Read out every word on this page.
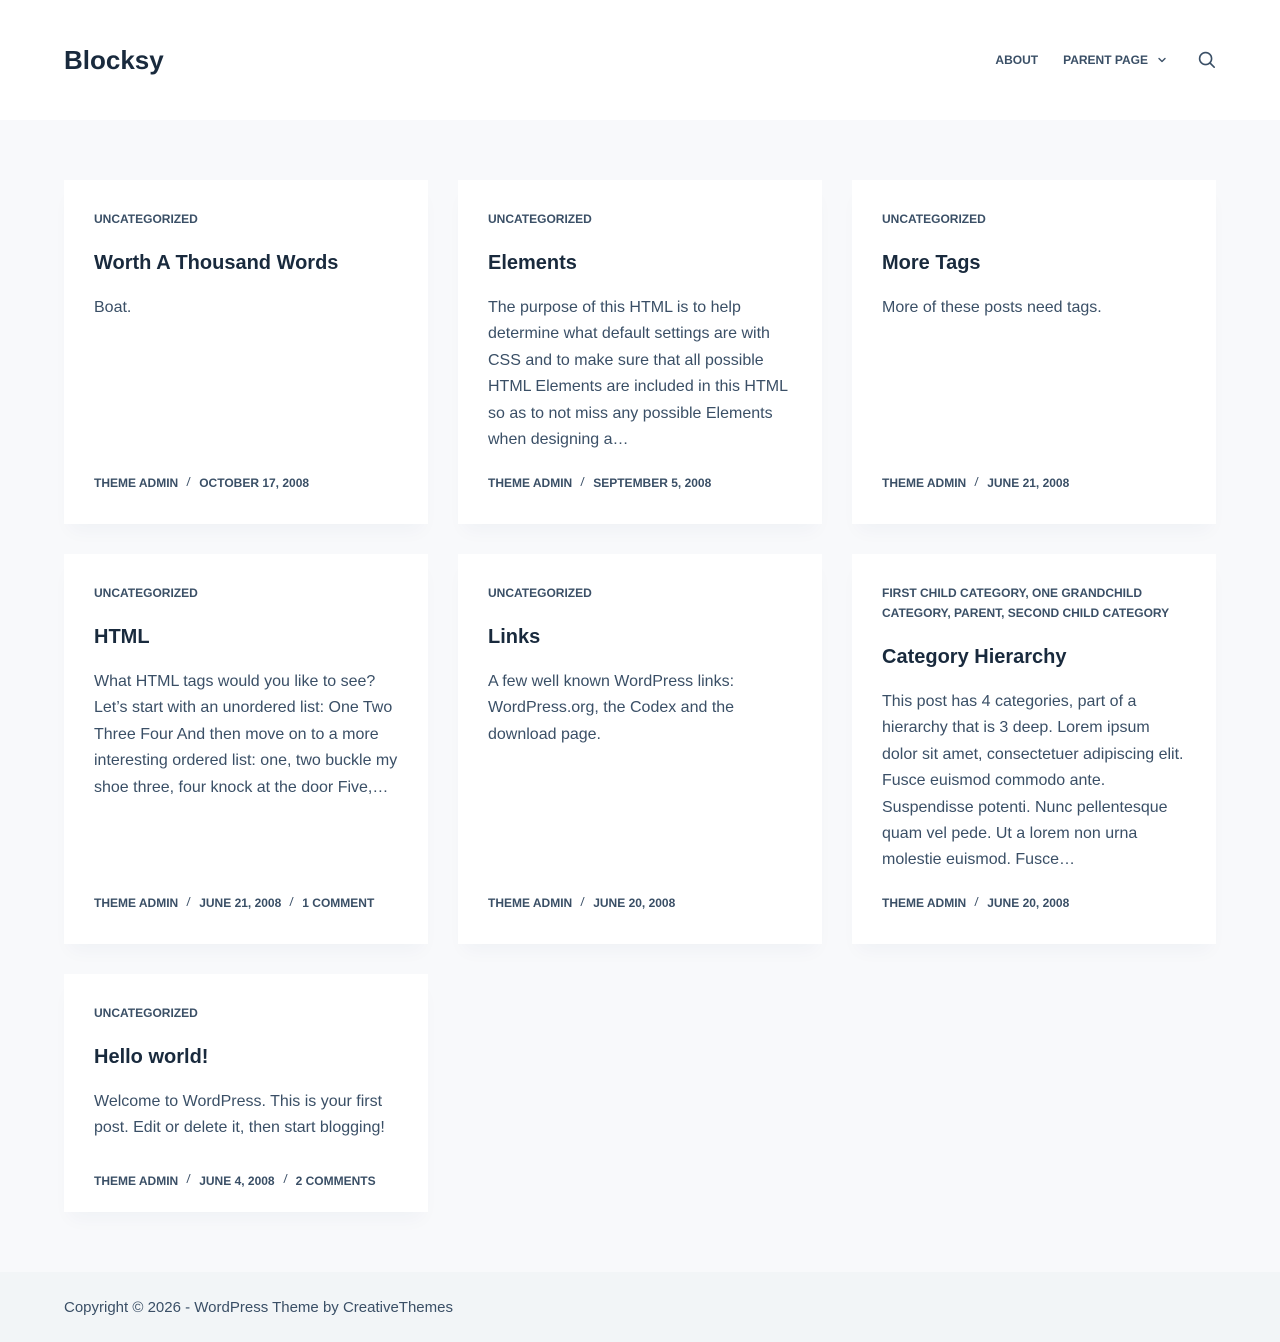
Blocksy	ABOUT PARENT PAGE
UNCATEGORIZED
Worth A Thousand Words

Boat.

THEME ADMIN OCTOBER 17, 2008
UNCATEGORIZED
Elements

The purpose of this HTML is to help determine what default settings are with CSS and to make sure that all possible HTML Elements are included in this HTML so as to not miss any possible Elements when designing a…

THEME ADMIN SEPTEMBER 5, 2008
UNCATEGORIZED
More Tags

More of these posts need tags.

THEME ADMIN JUNE 21, 2008
UNCATEGORIZED
HTML

What HTML tags would you like to see? Let’s start with an unordered list: One Two Three Four And then move on to a more interesting ordered list: one, two buckle my shoe three, four knock at the door Five,…

THEME ADMIN JUNE 21, 2008 1 COMMENT
UNCATEGORIZED
Links

A few well known WordPress links: WordPress.org, the Codex and the download page.

THEME ADMIN JUNE 20, 2008
FIRST CHILD CATEGORY, ONE GRANDCHILD CATEGORY, PARENT, SECOND CHILD CATEGORY
Category Hierarchy

This post has 4 categories, part of a hierarchy that is 3 deep. Lorem ipsum dolor sit amet, consectetuer adipiscing elit. Fusce euismod commodo ante. Suspendisse potenti. Nunc pellentesque quam vel pede. Ut a lorem non urna molestie euismod. Fusce…

THEME ADMIN JUNE 20, 2008
UNCATEGORIZED
Hello world!

Welcome to WordPress. This is your first post. Edit or delete it, then start blogging!

THEME ADMIN JUNE 4, 2008 2 COMMENTS
Copyright © 2026 - WordPress Theme by CreativeThemes
